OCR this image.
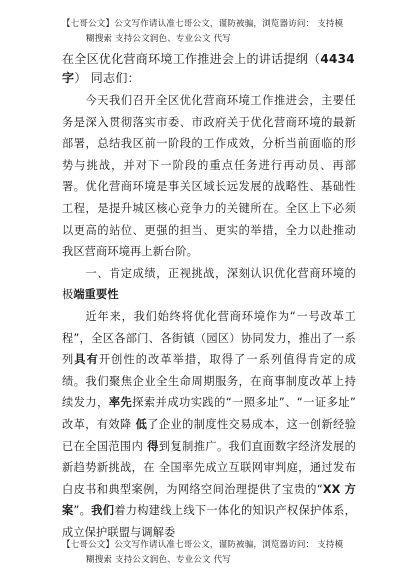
【七哥公文】公文写作请认准七哥公文，谨防被骗，浏览器访问： 支持模
糊搜索 支持公文润色、专业公文 代写
在全区优化营商环境工作推进会上的讲话提纲（4434
字） 同志们：

今天我们召开全区优化营商环境工作推进会，主要任务是深入贯彻落实市委、市政府关于优化营商环境的最新部署，总结我区前一阶段的工作成效，分析当前面临的形势与挑战，并对下一阶段的重点任务进行再动员、再部署。优化营商环境是事关区域长远发展的战略性、基础性工程，是提升城区核心竞争力的关键所在。全区上下必须以更高的站位、更强的担当、更实的举措，全力以赴推动我区营商环境再上新台阶。

一、肯定成绩，正视挑战，深刻认识优化营商环境的极端重要性

近年来，我们始终将优化营商环境作为“一号改革工程”，全区各部门、各街镇（园区）协同发力，推出了一系列具有开创性的改革举措，取得了一系列值得肯定的成绩。我们聚焦企业全生命周期服务，在商事制度改革上持续发力，率先探索并成功实践的“一照多址”、“一证多址” 改革，有效降 低了企业的制度性交易成本，这一创新经验已在全国范围内 得到复制推广。我们直面数字经济发展的新趋势新挑战，在 全国率先成立互联网审判庭，通过发布白皮书和典型案例，为网络空间治理提供了宝贵的“XX 方案”。我们着力构建线上线下一体化的知识产权保护体系，成立保护联盟与调解委

【七哥公文】公文写作请认准七哥公文，谨防被骗，浏览器访问： 支持模
糊搜索 支持公文润色、专业公文 代写
